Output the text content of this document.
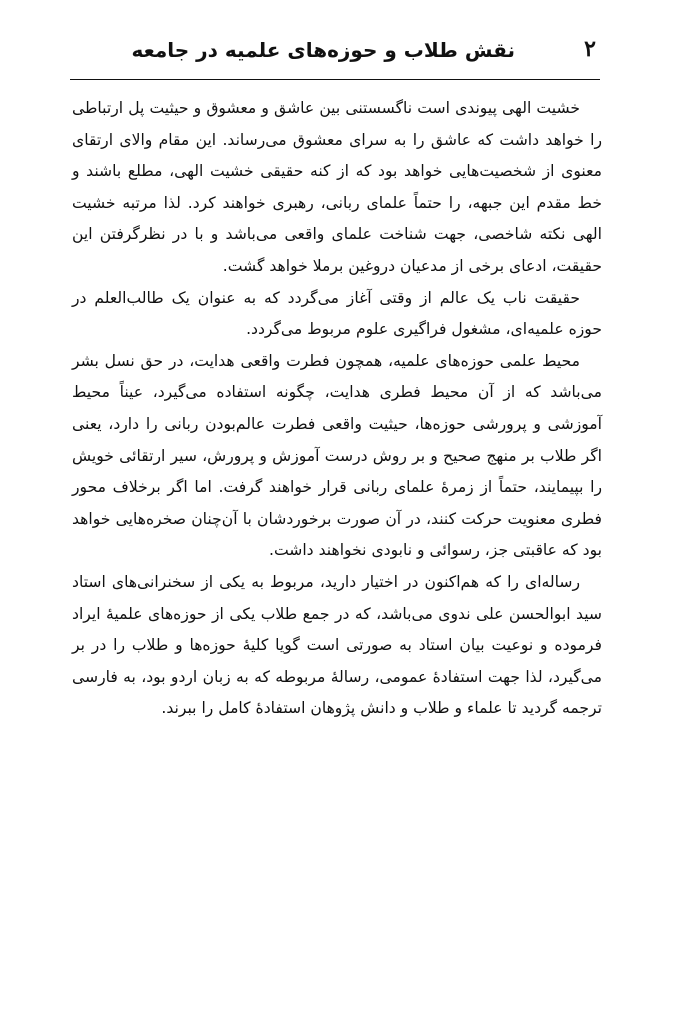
۲
نقش طلاب و حوزه‌های علمیه در جامعه

خشیت الهی پیوندی است ناگسستنی بین عاشق و معشوق و حیثیت پل ارتباطی را خواهد داشت که عاشق را به سرای معشوق می‌رساند. این مقام والای ارتقای معنوی از شخصیت‌هایی خواهد بود که از کنه حقیقی خشیت الهی، مطلع باشند و خط مقدم این جبهه، را حتماً علمای ربانی، رهبری خواهند کرد. لذا مرتبه خشیت الهی نکته شاخصی، جهت شناخت علمای واقعی می‌باشد و با در نظرگرفتن این حقیقت، ادعای برخی از مدعیان دروغین برملا خواهد گشت.

حقیقت ناب یک عالم از وقتی آغاز می‌گردد که به عنوان یک طالب‌العلم در حوزه علمیه‌ای، مشغول فراگیری علوم مربوط می‌گردد.

محیط علمی حوزه‌های علمیه، همچون فطرت واقعی هدایت، در حق نسل بشر می‌باشد که از آن محیط فطری هدایت، چگونه استفاده می‌گیرد، عیناً محیط آموزشی و پرورشی حوزه‌ها، حیثیت واقعی فطرت عالم‌بودن ربانی را دارد، یعنی اگر طلاب بر منهج صحیح و بر روش درست آموزش و پرورش، سیر ارتقائی خویش را بپیمایند، حتماً از زمرۀ علمای ربانی قرار خواهند گرفت. اما اگر برخلاف محور فطری معنویت حرکت کنند، در آن صورت برخوردشان با آن‌چنان صخره‌هایی خواهد بود که عاقبتی جز، رسوائی و نابودی نخواهند داشت.

رساله‌ای را که هم‌اکنون در اختیار دارید، مربوط به یکی از سخنرانی‌های استاد سید ابوالحسن علی ندوی می‌باشد، که در جمع طلاب یکی از حوزه‌های علمیۀ ایراد فرموده و نوعیت بیان استاد به صورتی است گویا کلیۀ حوزه‌ها و طلاب را در بر می‌گیرد، لذا جهت استفادۀ عمومی، رسالۀ مربوطه که به زبان اردو بود، به فارسی ترجمه گردید تا علماء و طلاب و دانش پژوهان استفادۀ کامل را ببرند.
